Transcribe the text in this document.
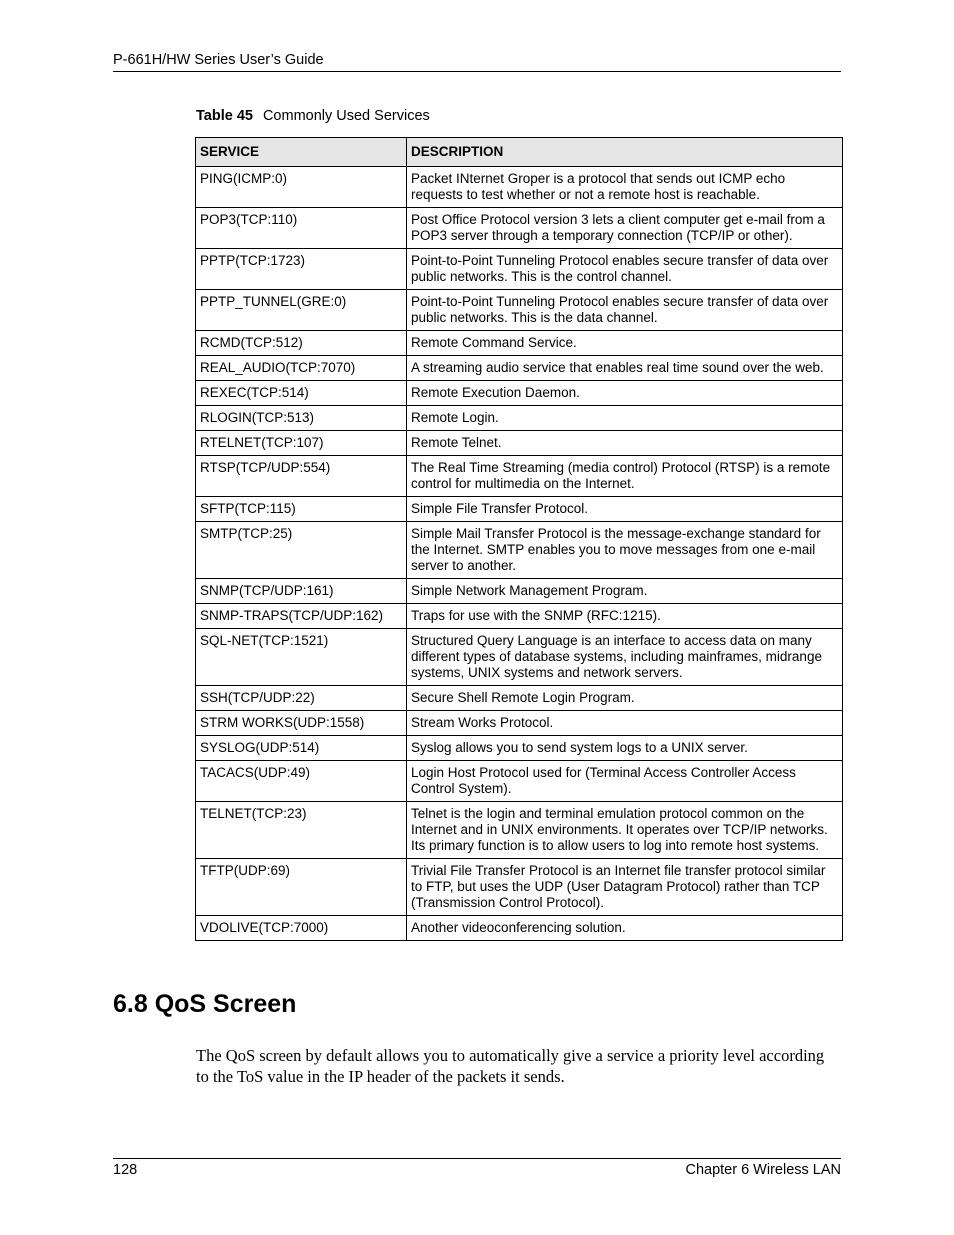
P-661H/HW Series User’s Guide
Table 45 Commonly Used Services
SERVICE	DESCRIPTION
PING(ICMP:0)	Packet INternet Groper is a protocol that sends out ICMP echo requests to test whether or not a remote host is reachable.
POP3(TCP:110)	Post Office Protocol version 3 lets a client computer get e-mail from a POP3 server through a temporary connection (TCP/IP or other).
PPTP(TCP:1723)	Point-to-Point Tunneling Protocol enables secure transfer of data over public networks. This is the control channel.
PPTP_TUNNEL(GRE:0)	Point-to-Point Tunneling Protocol enables secure transfer of data over public networks. This is the data channel.
RCMD(TCP:512)	Remote Command Service.
REAL_AUDIO(TCP:7070)	A streaming audio service that enables real time sound over the web.
REXEC(TCP:514)	Remote Execution Daemon.
RLOGIN(TCP:513)	Remote Login.
RTELNET(TCP:107)	Remote Telnet.
RTSP(TCP/UDP:554)	The Real Time Streaming (media control) Protocol (RTSP) is a remote control for multimedia on the Internet.
SFTP(TCP:115)	Simple File Transfer Protocol.
SMTP(TCP:25)	Simple Mail Transfer Protocol is the message-exchange standard for the Internet. SMTP enables you to move messages from one e-mail server to another.
SNMP(TCP/UDP:161)	Simple Network Management Program.
SNMP-TRAPS(TCP/UDP:162)	Traps for use with the SNMP (RFC:1215).
SQL-NET(TCP:1521)	Structured Query Language is an interface to access data on many different types of database systems, including mainframes, midrange systems, UNIX systems and network servers.
SSH(TCP/UDP:22)	Secure Shell Remote Login Program.
STRM WORKS(UDP:1558)	Stream Works Protocol.
SYSLOG(UDP:514)	Syslog allows you to send system logs to a UNIX server.
TACACS(UDP:49)	Login Host Protocol used for (Terminal Access Controller Access Control System).
TELNET(TCP:23)	Telnet is the login and terminal emulation protocol common on the Internet and in UNIX environments. It operates over TCP/IP networks. Its primary function is to allow users to log into remote host systems.
TFTP(UDP:69)	Trivial File Transfer Protocol is an Internet file transfer protocol similar to FTP, but uses the UDP (User Datagram Protocol) rather than TCP (Transmission Control Protocol).
VDOLIVE(TCP:7000)	Another videoconferencing solution.
6.8 QoS Screen
The QoS screen by default allows you to automatically give a service a priority level according to the ToS value in the IP header of the packets it sends.
128	Chapter 6 Wireless LAN
